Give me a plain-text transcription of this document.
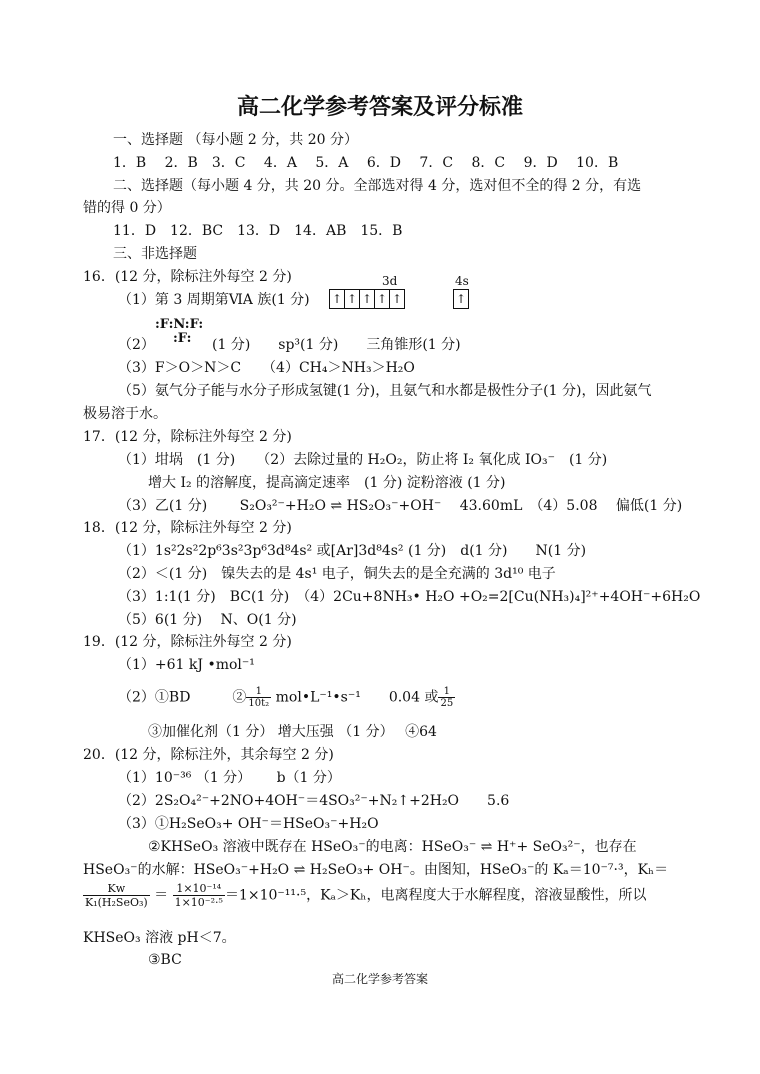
高二化学参考答案及评分标准
一、选择题 （每小题 2 分，共 20 分）
1．B　 2．B　3．C　 4．A　 5．A　 6．D　 7．C　 8．C　 9．D　 10．B
二、选择题（每小题 4 分，共 20 分。全部选对得 4 分，选对但不全的得 2 分，有选
错的得 0 分）
11．D　12．BC　13．D　14．AB　15．B
三、非选择题
16．(12 分，除标注外每空 2 分)	3d	4s
（1）第 3 周期第ⅥA 族(1 分) ↑ ↑ ↑ ↑ ↑	↑
:F:N:F:
:F:
（2）	(1 分)　　sp³(1 分)　　三角锥形(1 分)
（3）F＞O＞N＞C　　（4）CH₄＞NH₃＞H₂O
（5）氨气分子能与水分子形成氢键(1 分)，且氨气和水都是极性分子(1 分)，因此氨气
极易溶于水。
17．(12 分，除标注外每空 2 分)
（1）坩埚　(1 分)　　（2）去除过量的 H₂O₂，防止将 I₂ 氧化成 IO₃⁻　(1 分)
增大 I₂ 的溶解度，提高滴定速率　(1 分) 淀粉溶液 (1 分)
（3）乙(1 分)　　 S₂O₃²⁻+H₂O ⇌ HS₂O₃⁻+OH⁻　 43.60mL　（4）5.08　 偏低(1 分)
18．(12 分，除标注外每空 2 分)
（1）1s²2s²2p⁶3s²3p⁶3d⁸4s² 或[Ar]3d⁸4s² (1 分)　d(1 分)　　N(1 分)
（2）＜(1 分)　镍失去的是 4s¹ 电子，铜失去的是全充满的 3d¹⁰ 电子
（3）1:1(1 分)　BC(1 分)　（4）2Cu+8NH₃• H₂O +O₂=2[Cu(NH₃)₄]²⁺+4OH⁻+6H₂O
（5）6(1 分)　 N、O(1 分)
19．(12 分，除标注外每空 2 分)
（1）+61 kJ •mol⁻¹
（2）①BD　　　② $\frac{1}{\text{10t₂}}$ mol•L⁻¹•s⁻¹　　0.04 或 $\frac{1}{25}$
③加催化剂（1 分） 增大压强 （1 分）　 ④64
20．(12 分，除标注外，其余每空 2 分)
（1）10⁻³⁶ （1 分）　　 b（1 分）
（2）2S₂O₄²⁻+2NO+4OH⁻＝4SO₃²⁻+N₂↑+2H₂O　　5.6
（3）①H₂SeO₃+ OH⁻＝HSeO₃⁻+H₂O
②KHSeO₃ 溶液中既存在 HSeO₃⁻的电离：HSeO₃⁻ ⇌ H⁺+ SeO₃²⁻，也存在
HSeO₃⁻的水解：HSeO₃⁻+H₂O ⇌ H₂SeO₃+ OH⁻。由图知，HSeO₃⁻的 Kₐ＝10⁻⁷·³，Kₕ＝
$\frac{Kw}{\text{K₁(H₂SeO₃)}} = \frac{\text{1×10⁻¹⁴}}{\text{1×10⁻²·⁵}} =1\times 10^{-11}\cdot^5$，Kₐ＞Kₕ，电离程度大于水解程度，溶液显酸性，所以
KHSeO₃ 溶液 pH＜7。
③BC
高二化学参考答案
